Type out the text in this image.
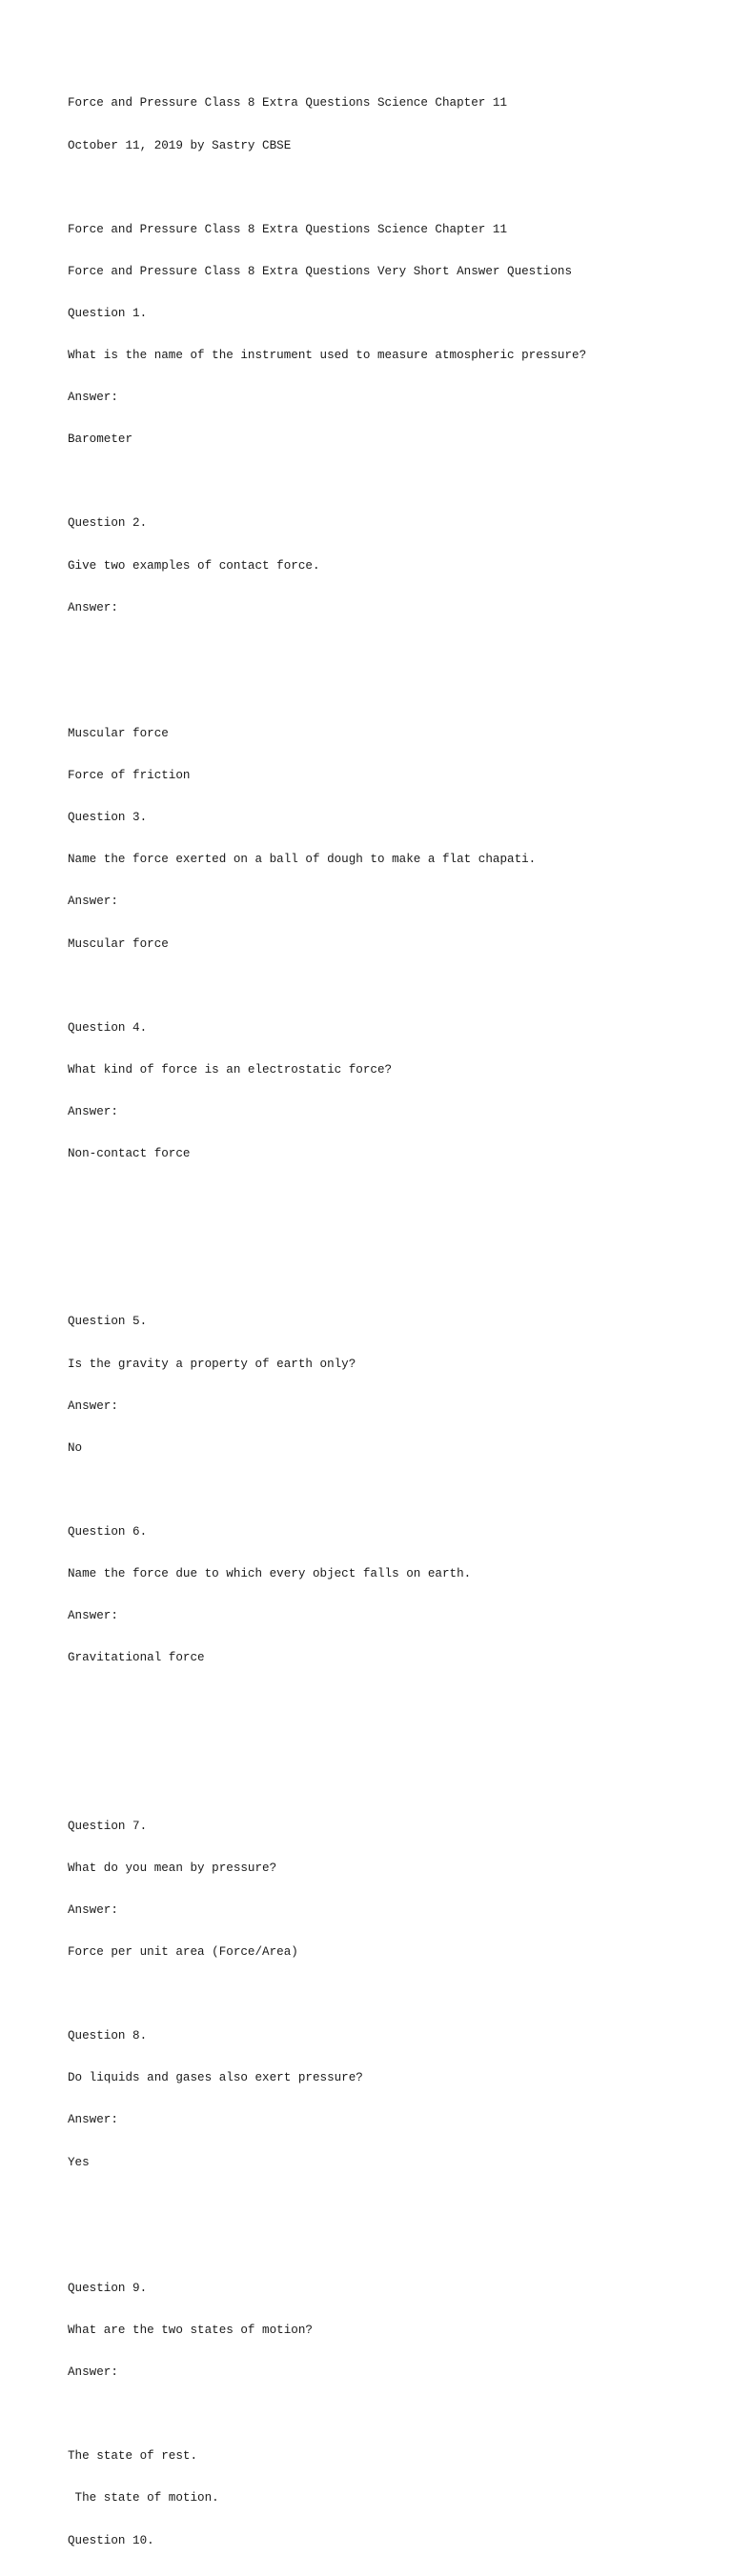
Force and Pressure Class 8 Extra Questions Science Chapter 11

October 11, 2019 by Sastry CBSE

Force and Pressure Class 8 Extra Questions Science Chapter 11

Force and Pressure Class 8 Extra Questions Very Short Answer Questions

Question 1.

What is the name of the instrument used to measure atmospheric pressure?

Answer:

Barometer

Question 2.

Give two examples of contact force.

Answer:

Muscular force

Force of friction

Question 3.

Name the force exerted on a ball of dough to make a flat chapati.

Answer:

Muscular force

Question 4.

What kind of force is an electrostatic force?

Answer:

Non-contact force

Question 5.

Is the gravity a property of earth only?

Answer:

No

Question 6.

Name the force due to which every object falls on earth.

Answer:

Gravitational force

Question 7.

What do you mean by pressure?

Answer:

Force per unit area (Force/Area)

Question 8.

Do liquids and gases also exert pressure?

Answer:

Yes

Question 9.

What are the two states of motion?

Answer:

The state of rest.

The state of motion.

Question 10.
